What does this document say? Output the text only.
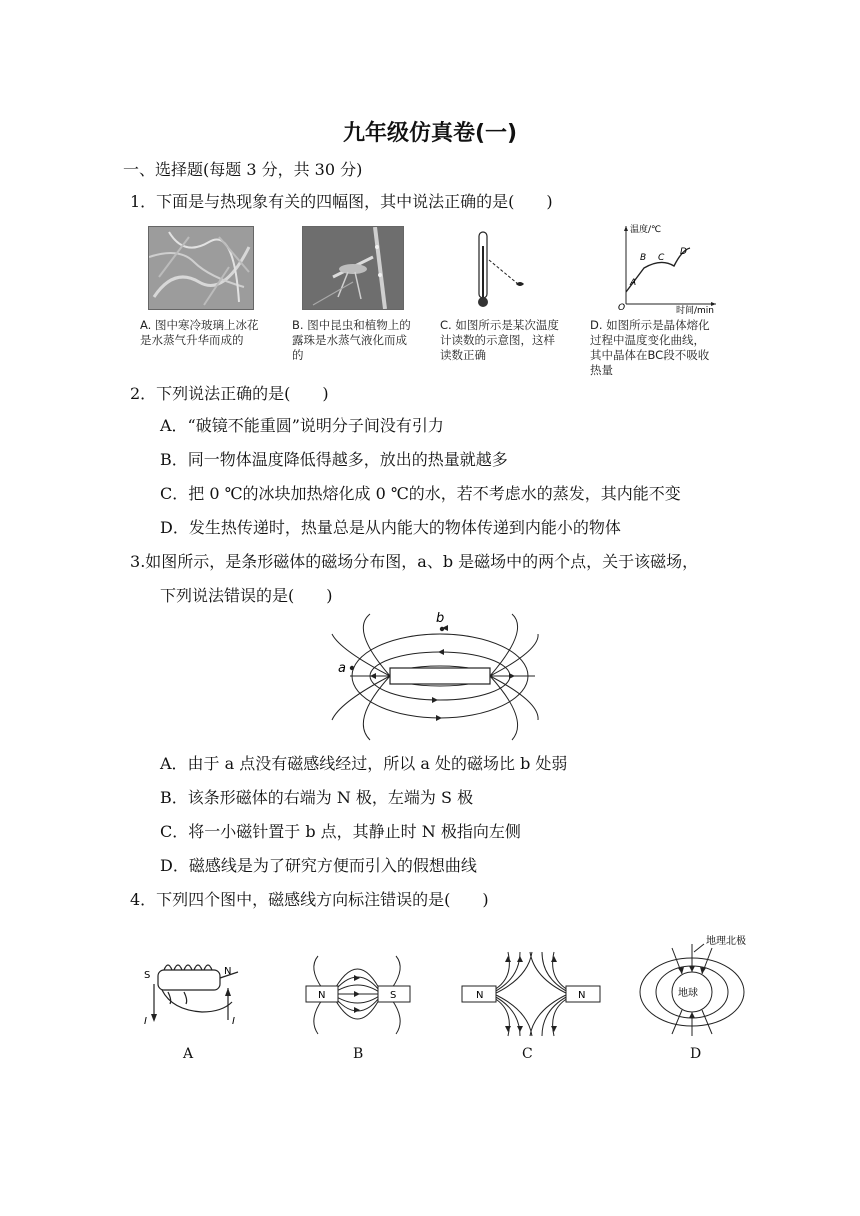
九年级仿真卷(一)
一、选择题(每题 3 分，共 30 分)
1．下面是与热现象有关的四幅图，其中说法正确的是(　　)
A. 图中寒冷玻璃上冰花是水蒸气升华而成的
B. 图中昆虫和植物上的露珠是水蒸气液化而成的
C. 如图所示是某次温度计读数的示意图，这样读数正确
温度/℃
时间/min
O
A
B C
D
D. 如图所示是晶体熔化过程中温度变化曲线，其中晶体在BC段不吸收热量
2．下列说法正确的是(　　)
A．“破镜不能重圆”说明分子间没有引力
B．同一物体温度降低得越多，放出的热量就越多
C．把 0 ℃的冰块加热熔化成 0 ℃的水，若不考虑水的蒸发，其内能不变
D．发生热传递时，热量总是从内能大的物体传递到内能小的物体
3.如图所示，是条形磁体的磁场分布图，a、b 是磁场中的两个点，关于该磁场，
下列说法错误的是(　　)
a
b
A．由于 a 点没有磁感线经过，所以 a 处的磁场比 b 处弱
B．该条形磁体的右端为 N 极，左端为 S 极
C．将一小磁针置于 b 点，其静止时 N 极指向左侧
D．磁感线是为了研究方便而引入的假想曲线
4．下列四个图中，磁感线方向标注错误的是(　　)
S	N
I	I
A
N	S
B
N	N
C
地球
地理北极
D
